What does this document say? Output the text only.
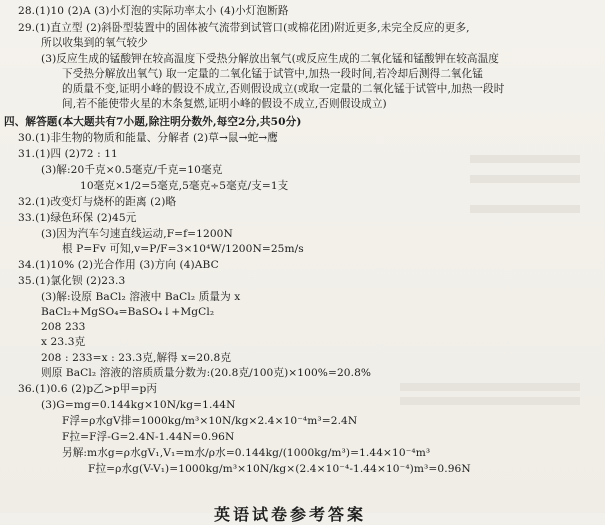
28.(1)10 (2)A (3)小灯泡的实际功率太小 (4)小灯泡断路
29.(1)直立型 (2)斜卧型装置中的固体被气流带到试管口(或棉花团)附近更多,未完全反应的更多,
所以收集到的氧气较少
(3)反应生成的锰酸钾在较高温度下受热分解放出氧气(或反应生成的二氧化锰和锰酸钾在较高温度
下受热分解放出氧气) 取一定量的二氧化锰于试管中,加热一段时间,若冷却后测得二氧化锰
的质量不变,证明小峰的假设不成立,否则假设成立(或取一定量的二氧化锰于试管中,加热一段时
间,若不能使带火星的木条复燃,证明小峰的假设不成立,否则假设成立)
四、解答题(本大题共有7小题,除注明分数外,每空2分,共50分)
30.(1)非生物的物质和能量、分解者 (2)草→鼠→蛇→鹰
31.(1)四 (2)72 : 11
(3)解:20千克×0.5毫克/千克=10毫克
10毫克×1/2=5毫克,5毫克÷5毫克/支=1支
32.(1)改变灯与烧杯的距离 (2)略
33.(1)绿色环保 (2)45元
(3)因为汽车匀速直线运动,F=f=1200N
根 P=Fv 可知,v=P/F=3×10⁴W/1200N=25m/s
34.(1)10% (2)光合作用 (3)方向 (4)ABC
35.(1)氯化钡 (2)23.3
(3)解:设原 BaCl₂ 溶液中 BaCl₂ 质量为 x
BaCl₂+MgSO₄=BaSO₄↓+MgCl₂
208 233
x 23.3克
208 : 233=x : 23.3克,解得 x=20.8克
则原 BaCl₂ 溶液的溶质质量分数为:(20.8克/100克)×100%=20.8%
36.(1)0.6 (2)p乙>p甲=p丙
(3)G=mg=0.144kg×10N/kg=1.44N
F浮=ρ水gV排=1000kg/m³×10N/kg×2.4×10⁻⁴m³=2.4N
F拉=F浮-G=2.4N-1.44N=0.96N
另解:m水g=ρ水gV₁,V₁=m水/ρ水=0.144kg/(1000kg/m³)=1.44×10⁻⁴m³
F拉=ρ水g(V-V₁)=1000kg/m³×10N/kg×(2.4×10⁻⁴-1.44×10⁻⁴)m³=0.96N
英语试卷参考答案
